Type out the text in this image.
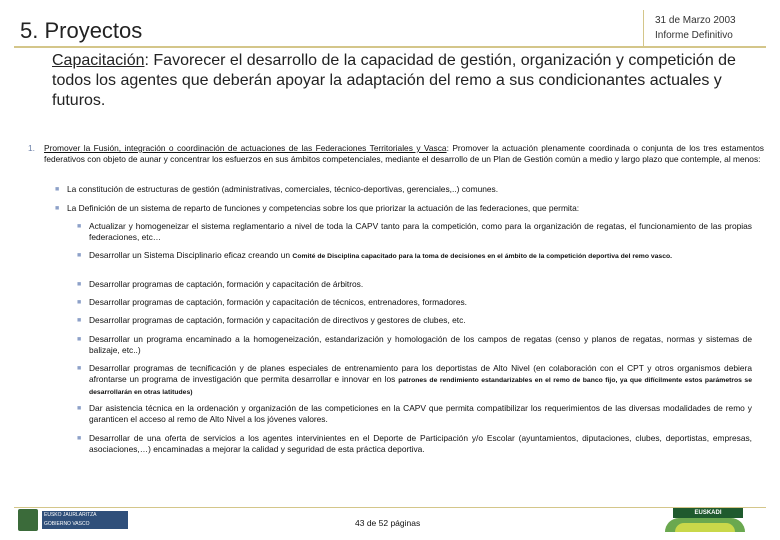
5. Proyectos	31 de Marzo 2003
Informe Definitivo
Capacitación: Favorecer el desarrollo de la capacidad de gestión, organización y competición de todos los agentes que deberán apoyar la adaptación del remo a sus condicionantes actuales y futuros.
1. Promover la Fusión, integración o coordinación de actuaciones de las Federaciones Territoriales y Vasca: Promover la actuación plenamente coordinada o conjunta de los tres estamentos federativos con objeto de aunar y concentrar los esfuerzos en sus ámbitos competenciales, mediante el desarrollo de un Plan de Gestión común a medio y largo plazo que contemple, al menos:
■ La constitución de estructuras de gestión (administrativas, comerciales, técnico-deportivas, gerenciales,..) comunes.
■ La Definición de un sistema de reparto de funciones y competencias sobre los que priorizar la actuación de las federaciones, que permita:
■ Actualizar y homogeneizar el sistema reglamentario a nivel de toda la CAPV tanto para la competición, como para la organización de regatas, el funcionamiento de las propias federaciones, etc…
■ Desarrollar un Sistema Disciplinario eficaz creando un Comité de Disciplina capacitado para la toma de decisiones en el ámbito de la competición deportiva del remo vasco.
■ Desarrollar programas de captación, formación y capacitación de árbitros.
■ Desarrollar programas de captación, formación y capacitación de técnicos, entrenadores, formadores.
■ Desarrollar programas de captación, formación y capacitación de directivos y gestores de clubes, etc.
■ Desarrollar un programa encaminado a la homogeneización, estandarización y homologación de los campos de regatas (censo y planos de regatas, normas y sistemas de balizaje, etc..)
■ Desarrollar programas de tecnificación y de planes especiales de entrenamiento para los deportistas de Alto Nivel (en colaboración con el CPT y otros organismos debiera afrontarse un programa de investigación que permita desarrollar e innovar en los patrones de rendimiento estandarizables en el remo de banco fijo, ya que difícilmente estos parámetros se desarrollarán en otras latitudes)
■ Dar asistencia técnica en la ordenación y organización de las competiciones en la CAPV que permita compatibilizar los requerimientos de las diversas modalidades de remo y garanticen el acceso al remo de Alto Nivel a los jóvenes valores.
■ Desarrollar de una oferta de servicios a los agentes intervinientes en el Deporte de Participación y/o Escolar (ayuntamientos, diputaciones, clubes, deportistas, empresas, asociaciones,…) encaminadas a mejorar la calidad y seguridad de esta práctica deportiva.
EUSKO JAURLARITZA
GOBIERNO VASCO	43 de 52 páginas
EUSKADI
